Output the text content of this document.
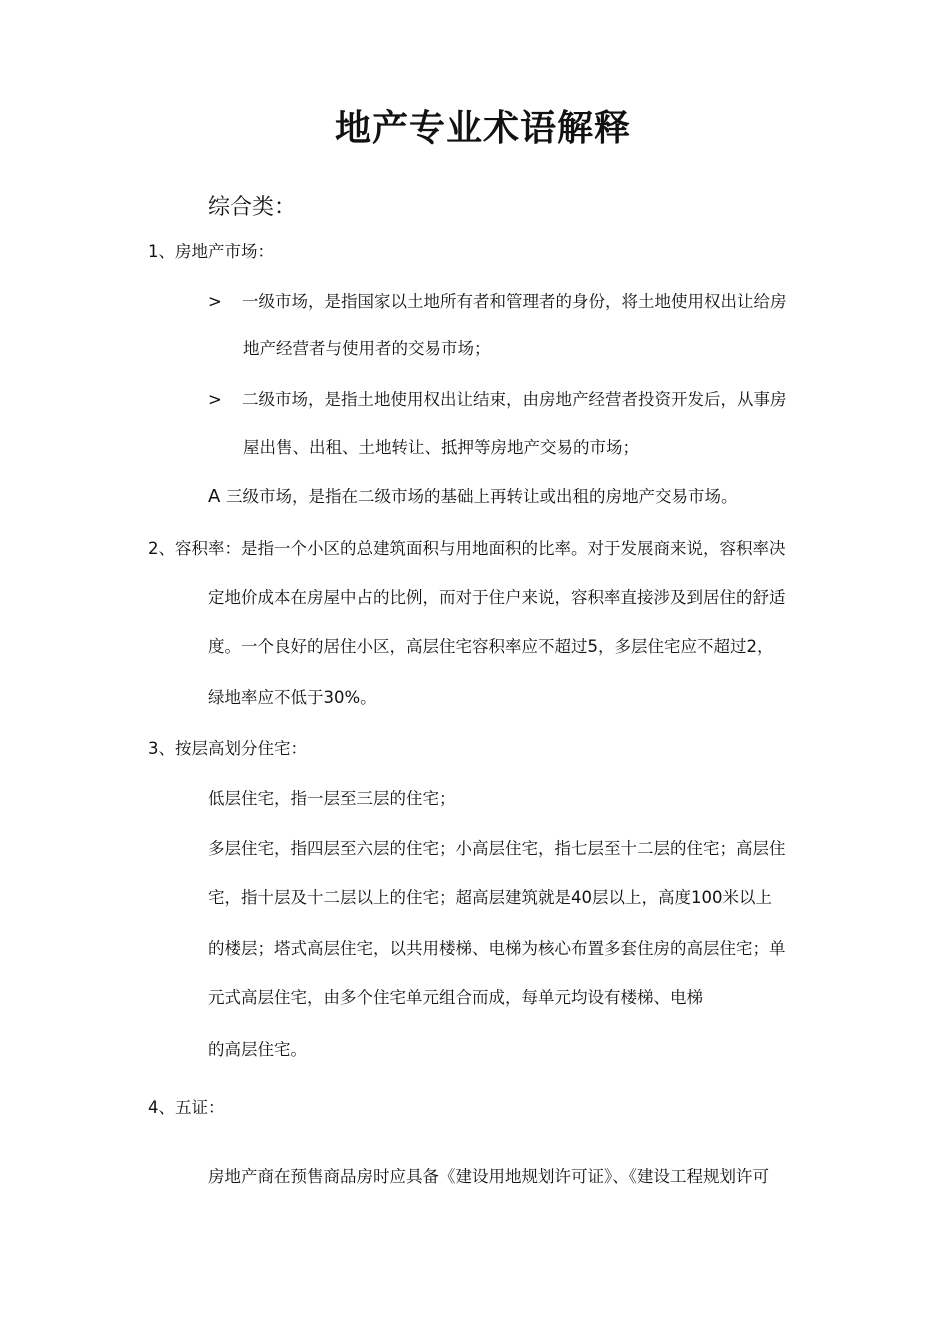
地产专业术语解释
综合类：
1、房地产市场：
> 一级市场，是指国家以土地所有者和管理者的身份，将土地使用权出让给房
地产经营者与使用者的交易市场；
> 二级市场，是指土地使用权出让结束，由房地产经营者投资开发后，从事房
屋出售、出租、土地转让、抵押等房地产交易的市场；
A 三级市场，是指在二级市场的基础上再转让或出租的房地产交易市场。
2、容积率：是指一个小区的总建筑面积与用地面积的比率。对于发展商来说，容积率决
定地价成本在房屋中占的比例，而对于住户来说，容积率直接涉及到居住的舒适
度。一个良好的居住小区，高层住宅容积率应不超过5，多层住宅应不超过2，
绿地率应不低于30%。
3、按层高划分住宅：
低层住宅，指一层至三层的住宅；
多层住宅，指四层至六层的住宅；小高层住宅，指七层至十二层的住宅；高层住
宅，指十层及十二层以上的住宅；超高层建筑就是40层以上，高度100米以上
的楼层；塔式高层住宅，以共用楼梯、电梯为核心布置多套住房的高层住宅；单
元式高层住宅，由多个住宅单元组合而成，每单元均设有楼梯、电梯
的高层住宅。
4、五证：
房地产商在预售商品房时应具备《建设用地规划许可证》、《建设工程规划许可
